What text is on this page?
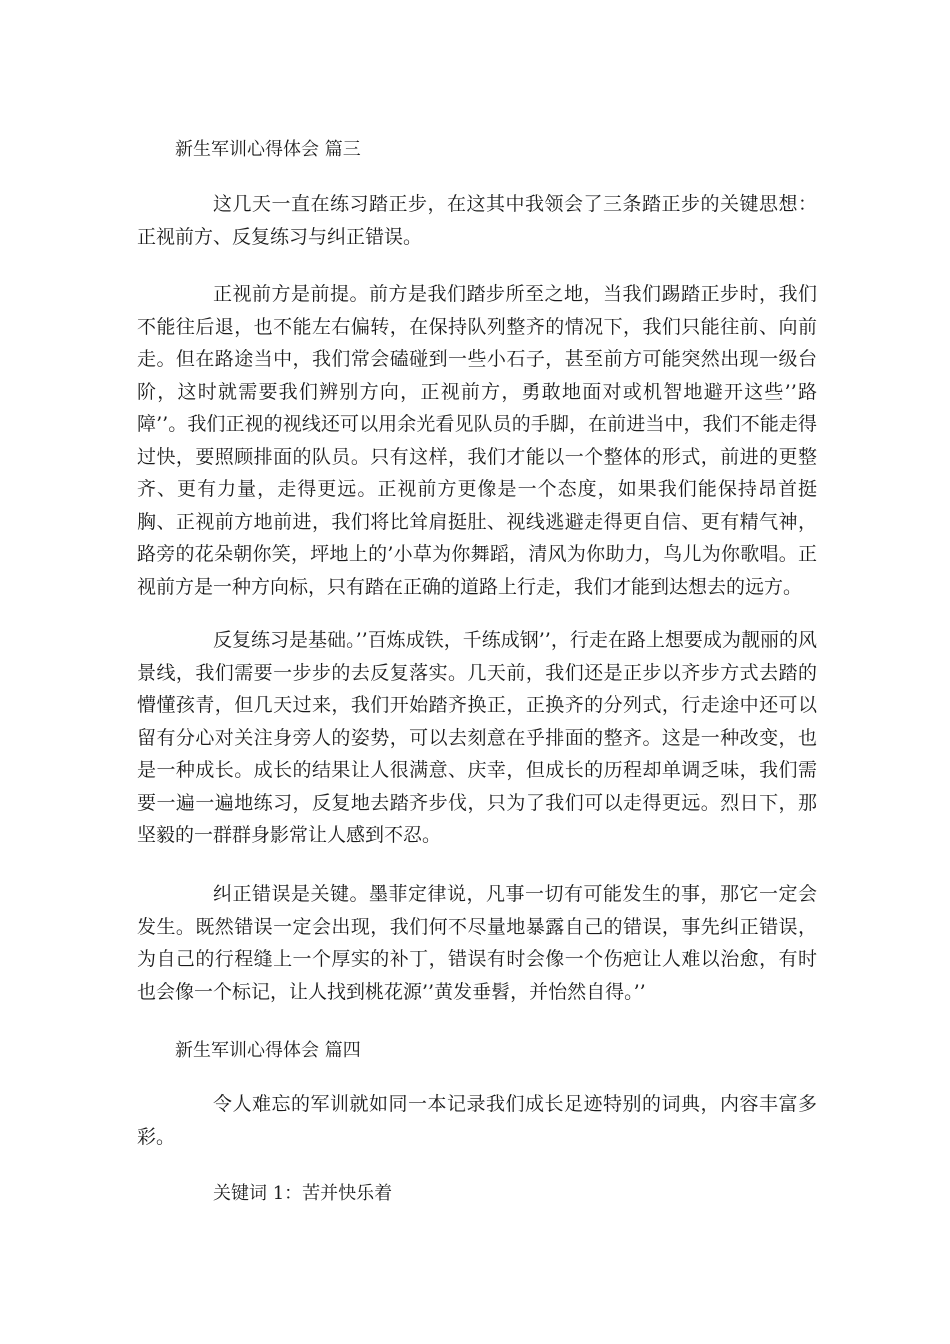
新生军训心得体会 篇三

这几天一直在练习踏正步，在这其中我领会了三条踏正步的关键思想：正视前方、反复练习与纠正错误。

正视前方是前提。前方是我们踏步所至之地，当我们踢踏正步时，我们不能往后退，也不能左右偏转，在保持队列整齐的情况下，我们只能往前、向前走。但在路途当中，我们常会磕碰到一些小石子，甚至前方可能突然出现一级台阶，这时就需要我们辨别方向，正视前方，勇敢地面对或机智地避开这些’’路障’’。我们正视的视线还可以用余光看见队员的手脚，在前进当中，我们不能走得过快，要照顾排面的队员。只有这样，我们才能以一个整体的形式，前进的更整齐、更有力量，走得更远。正视前方更像是一个态度，如果我们能保持昂首挺胸、正视前方地前进，我们将比耸肩挺肚、视线逃避走得更自信、更有精气神，路旁的花朵朝你笑，坪地上的’小草为你舞蹈，清风为你助力，鸟儿为你歌唱。正视前方是一种方向标，只有踏在正确的道路上行走，我们才能到达想去的远方。

反复练习是基础。’’百炼成铁，千练成钢’’，行走在路上想要成为靓丽的风景线，我们需要一步步的去反复落实。几天前，我们还是正步以齐步方式去踏的懵懂孩青，但几天过来，我们开始踏齐换正，正换齐的分列式，行走途中还可以留有分心对关注身旁人的姿势，可以去刻意在乎排面的整齐。这是一种改变，也是一种成长。成长的结果让人很满意、庆幸，但成长的历程却单调乏味，我们需要一遍一遍地练习，反复地去踏齐步伐，只为了我们可以走得更远。烈日下，那坚毅的一群群身影常让人感到不忍。

纠正错误是关键。墨菲定律说，凡事一切有可能发生的事，那它一定会发生。既然错误一定会出现，我们何不尽量地暴露自己的错误，事先纠正错误，为自己的行程缝上一个厚实的补丁，错误有时会像一个伤疤让人难以治愈，有时也会像一个标记，让人找到桃花源’’黄发垂髫，并怡然自得。’’

新生军训心得体会 篇四

令人难忘的军训就如同一本记录我们成长足迹特别的词典，内容丰富多彩。

关键词 1：苦并快乐着
